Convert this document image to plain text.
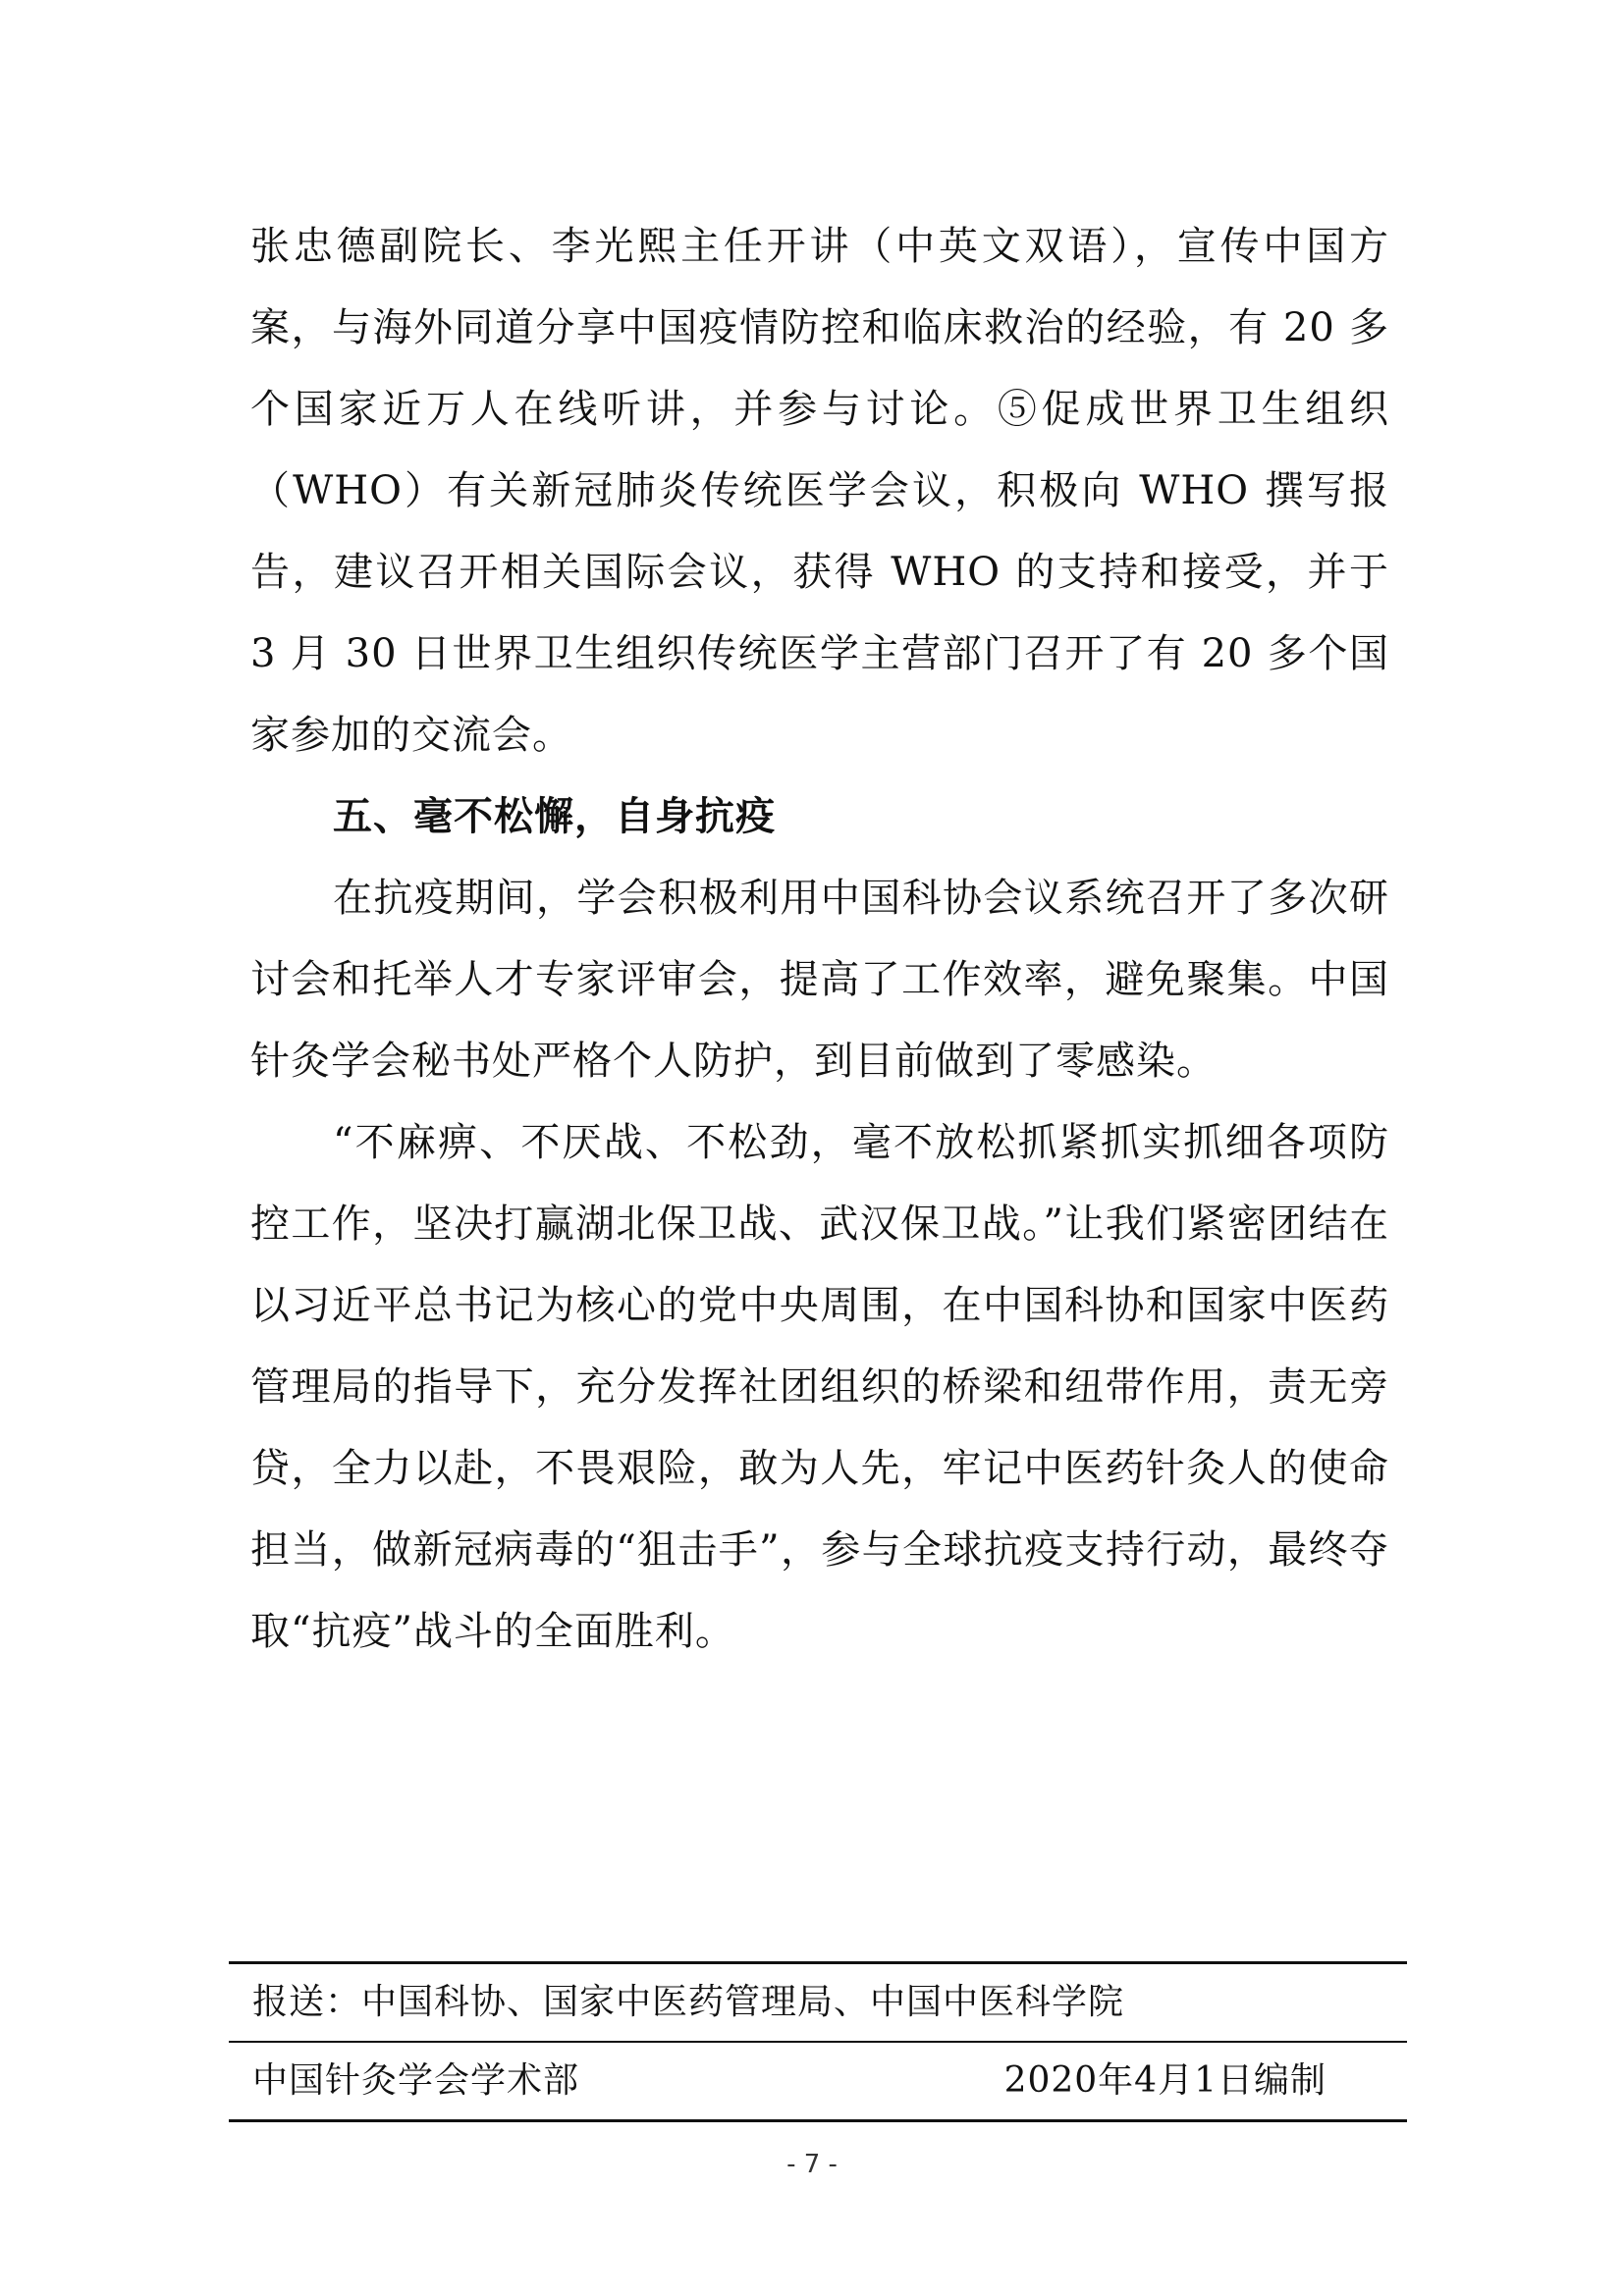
张忠德副院长、李光熙主任开讲（中英文双语），宣传中国方案，与海外同道分享中国疫情防控和临床救治的经验，有 20 多个国家近万人在线听讲，并参与讨论。⑤促成世界卫生组织（WHO）有关新冠肺炎传统医学会议，积极向 WHO 撰写报告，建议召开相关国际会议，获得 WHO 的支持和接受，并于 3 月 30 日世界卫生组织传统医学主营部门召开了有 20 多个国家参加的交流会。

五、毫不松懈，自身抗疫

在抗疫期间，学会积极利用中国科协会议系统召开了多次研讨会和托举人才专家评审会，提高了工作效率，避免聚集。中国针灸学会秘书处严格个人防护，到目前做到了零感染。

“不麻痹、不厌战、不松劲，毫不放松抓紧抓实抓细各项防控工作，坚决打赢湖北保卫战、武汉保卫战。”让我们紧密团结在以习近平总书记为核心的党中央周围，在中国科协和国家中医药管理局的指导下，充分发挥社团组织的桥梁和纽带作用，责无旁贷，全力以赴，不畏艰险，敢为人先，牢记中医药针灸人的使命担当，做新冠病毒的“狙击手”，参与全球抗疫支持行动，最终夺取“抗疫”战斗的全面胜利。

报送：中国科协、国家中医药管理局、中国中医科学院
中国针灸学会学术部	2020年4月1日编制
- 7 -
